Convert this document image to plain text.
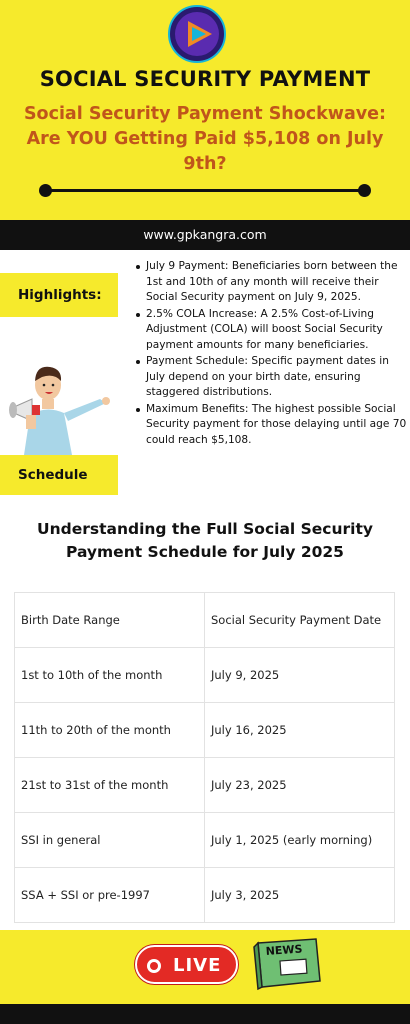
SOCIAL SECURITY PAYMENT
Social Security Payment Shockwave: Are YOU Getting Paid $5,108 on July 9th?
www.gpkangra.com
Highlights:
Schedule
July 9 Payment: Beneficiaries born between the 1st and 10th of any month will receive their Social Security payment on July 9, 2025.
2.5% COLA Increase: A 2.5% Cost-of-Living Adjustment (COLA) will boost Social Security payment amounts for many beneficiaries.
Payment Schedule: Specific payment dates in July depend on your birth date, ensuring staggered distributions.
Maximum Benefits: The highest possible Social Security payment for those delaying until age 70 could reach $5,108.
Understanding the Full Social Security Payment Schedule for July 2025
Birth Date Range	Social Security Payment Date
1st to 10th of the month	July 9, 2025
11th to 20th of the month	July 16, 2025
21st to 31st of the month	July 23, 2025
SSI in general	July 1, 2025 (early morning)
SSA + SSI or pre-1997	July 3, 2025
LIVE
NEWS
